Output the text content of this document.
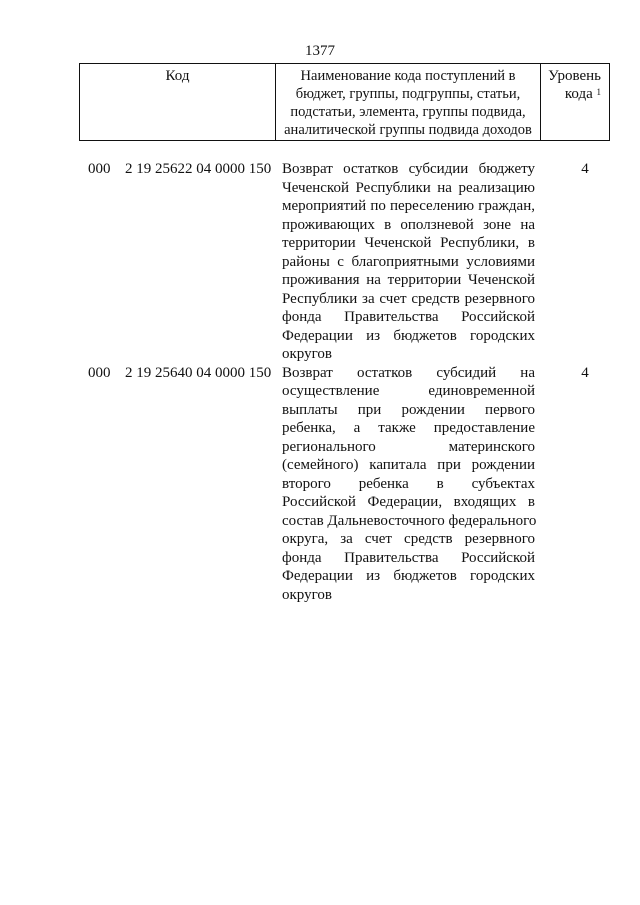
1377
Код	Наименование кода поступлений в
бюджет, группы, подгруппы, статьи,
подстатьи, элемента, группы подвида,
аналитической группы подвида доходов
Уровень
кода $^1$
000 2 19 25622 04 0000 150 Возврат остатков субсидии бюджету
Чеченской Республики на реализацию
мероприятий по переселению граждан,
проживающих в оползневой зоне на
территории Чеченской Республики, в
районы с благоприятными условиями
проживания на территории Чеченской
Республики за счет средств резервного
фонда Правительства Российской
Федерации из бюджетов городских
округов
4
000 2 19 25640 04 0000 150 Возврат остатков субсидий на
осуществление единовременной
выплаты при рождении первого
ребенка, а также предоставление
регионального материнского
(семейного) капитала при рождении
второго ребенка в субъектах
Российской Федерации, входящих в
состав Дальневосточного федерального
округа, за счет средств резервного
фонда Правительства Российской
Федерации из бюджетов городских
округов
4
